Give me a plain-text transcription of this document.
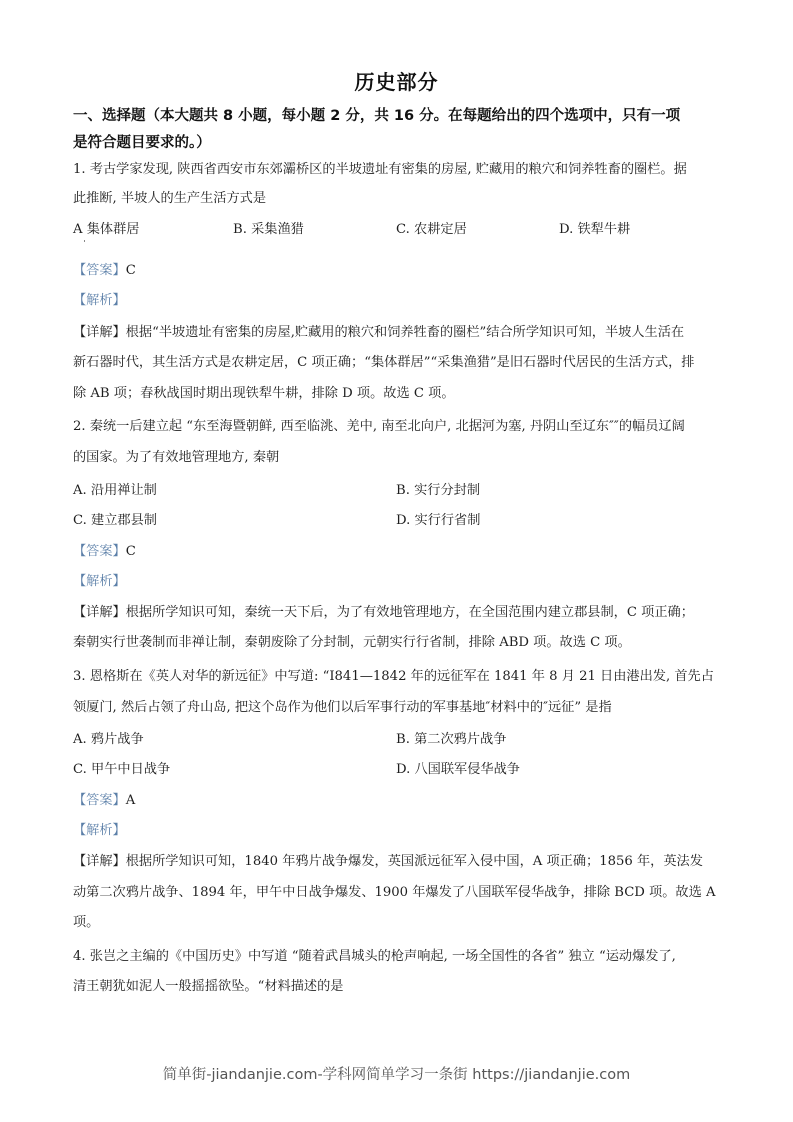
历史部分
一、选择题（本大题共 8 小题，每小题 2 分，共 16 分。在每题给出的四个选项中，只有一项
是符合题目要求的。）
1. 考古学家发现, 陕西省西安市东郊灞桥区的半坡遗址有密集的房屋, 贮藏用的粮穴和饲养牲畜的圈栏。据
此推断, 半坡人的生产生活方式是
A 集体群居	B. 采集渔猎	C. 农耕定居	D. 铁犁牛耕
【答案】C
【解析】
【详解】根据“半坡遗址有密集的房屋,贮藏用的粮穴和饲养牲畜的圈栏”结合所学知识可知，半坡人生活在
新石器时代，其生活方式是农耕定居，C 项正确；“集体群居”“采集渔猎”是旧石器时代居民的生活方式，排
除 AB 项；春秋战国时期出现铁犁牛耕，排除 D 项。故选 C 项。
2. 秦统一后建立起 “东至海暨朝鲜, 西至临洮、羌中, 南至北向户, 北据河为塞, 丹阴山至辽东″″的幅员辽阔
的国家。为了有效地管理地方, 秦朝
A. 沿用禅让制	B. 实行分封制
C. 建立郡县制	D. 实行行省制
【答案】C
【解析】
【详解】根据所学知识可知，秦统一天下后，为了有效地管理地方，在全国范围内建立郡县制，C 项正确；
秦朝实行世袭制而非禅让制，秦朝废除了分封制，元朝实行行省制，排除 ABD 项。故选 C 项。
3. 恩格斯在《英人对华的新远征》中写道: “I841—1842 年的远征军在 1841 年 8 月 21 日由港出发, 首先占
领厦门, 然后占领了舟山岛, 把这个岛作为他们以后军事行动的军事基地″材料中的″远征” 是指
A. 鸦片战争	B. 第二次鸦片战争
C. 甲午中日战争	D. 八国联军侵华战争
【答案】A
【解析】
【详解】根据所学知识可知，1840 年鸦片战争爆发，英国派远征军入侵中国，A 项正确；1856 年，英法发
动第二次鸦片战争、1894 年，甲午中日战争爆发、1900 年爆发了八国联军侵华战争，排除 BCD 项。故选 A
项。
4. 张岂之主编的《中国历史》中写道 “随着武昌城头的枪声响起, 一场全国性的各省” 独立 “运动爆发了,
清王朝犹如泥人一般摇摇欲坠。“材料描述的是
简单街-jiandanjie.com-学科网简单学习一条街 https://jiandanjie.com
